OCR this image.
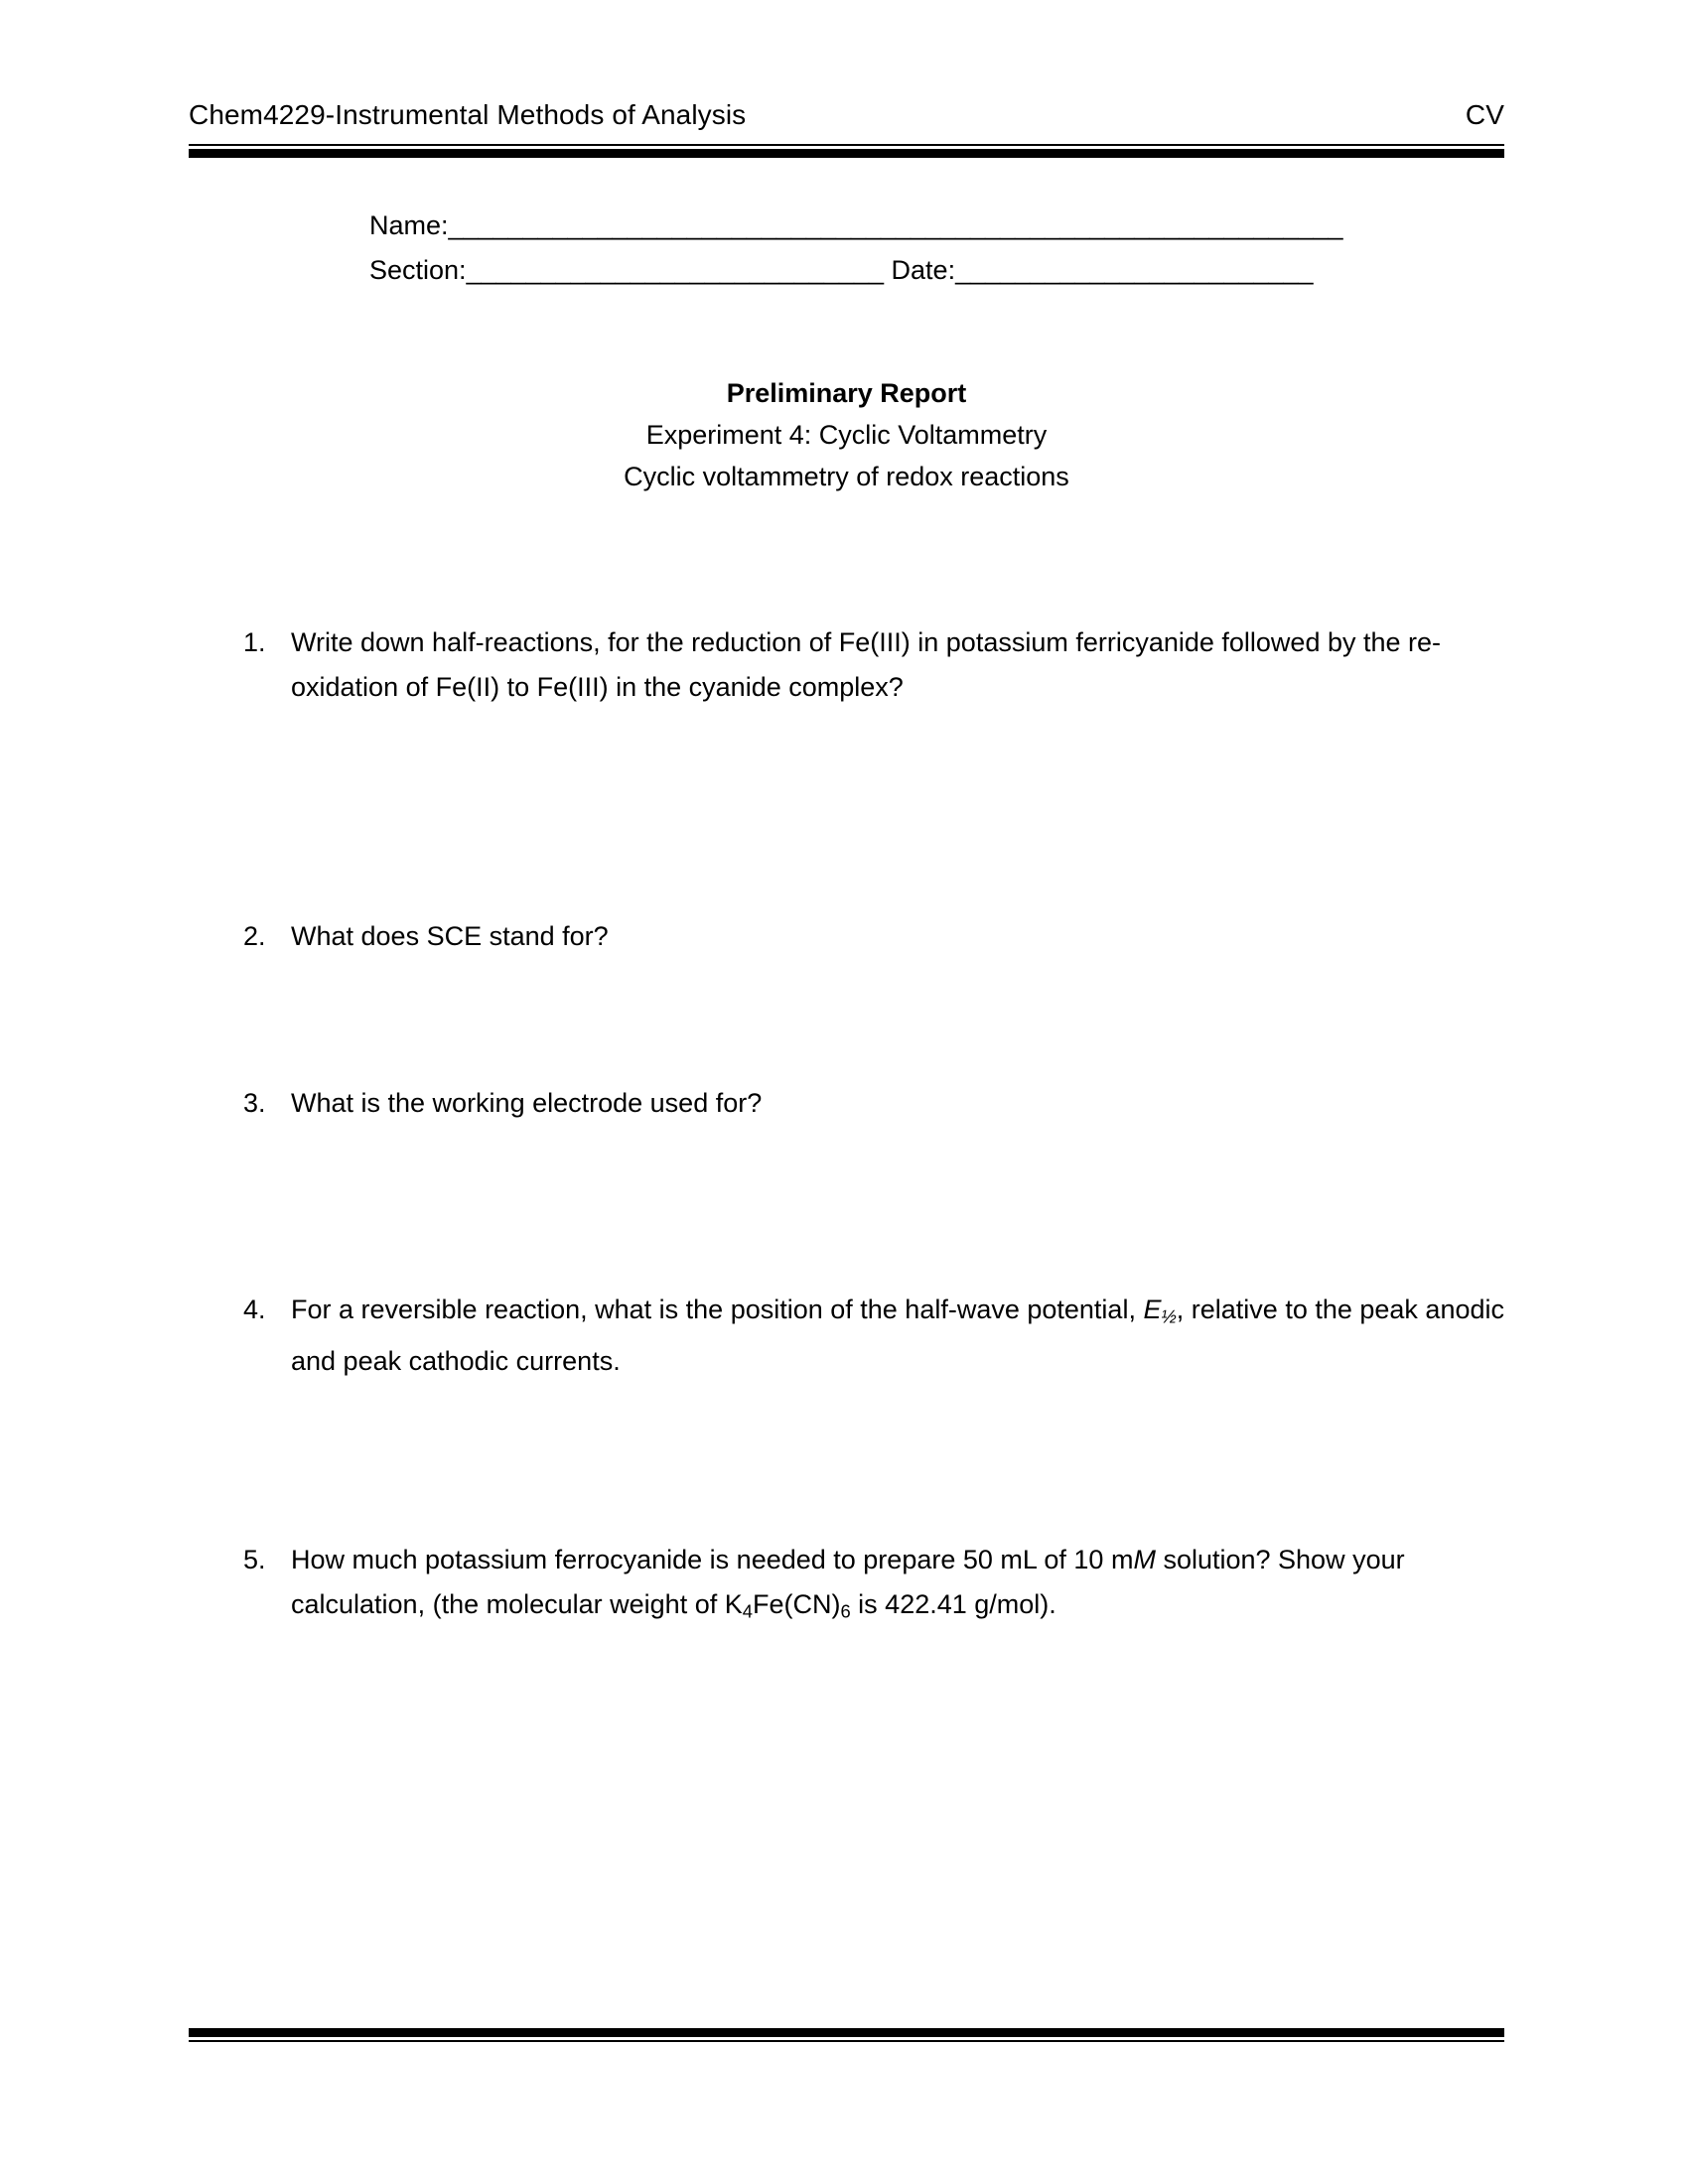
Chem4229-Instrumental Methods of Analysis	CV
Name:____________________________________________________________
Section:____________________________ Date:________________________
Preliminary Report
Experiment 4: Cyclic Voltammetry
Cyclic voltammetry of redox reactions
1. Write down half-reactions, for the reduction of Fe(III) in potassium ferricyanide followed by the re-oxidation of Fe(II) to Fe(III) in the cyanide complex?
2. What does SCE stand for?
3. What is the working electrode used for?
4. For a reversible reaction, what is the position of the half-wave potential, $E_{\frac{1}{2}}$, relative to the peak anodic and peak cathodic currents.
5. How much potassium ferrocyanide is needed to prepare 50 mL of 10 mM solution? Show your calculation, (the molecular weight of $K_4Fe(CN)_6$ is 422.41 g/mol).
